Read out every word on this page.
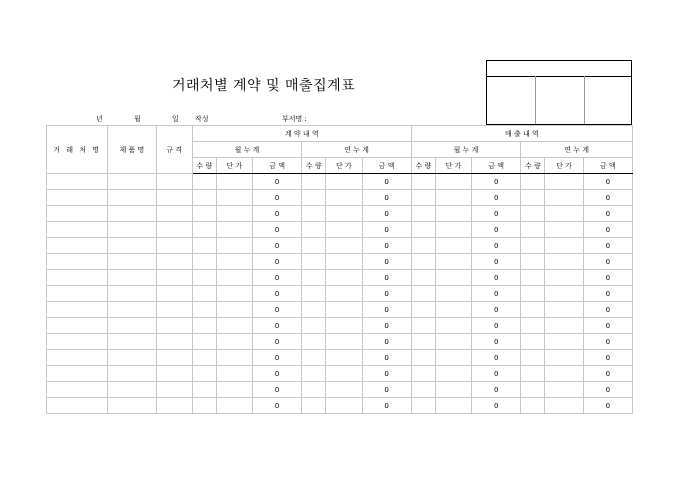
거래처별 계약 및 매출집계표
년	월	일 작성	부서명 :
거 래 처 명	제 품 명	규 격	계 약 내 역						매 출 내 역					
			월 누 계			연 누 계			월 누 계			연 누 계		
			수 량	단 가	금 액	수 량	단 가	금 액	수 량	단 가	금 액	수 량	단 가	금 액
					0			0			0			0
					0			0			0			0
					0			0			0			0
					0			0			0			0
					0			0			0			0
					0			0			0			0
					0			0			0			0
					0			0			0			0
					0			0			0			0
					0			0			0			0
					0			0			0			0
					0			0			0			0
					0			0			0			0
					0			0			0			0
					0			0			0			0
